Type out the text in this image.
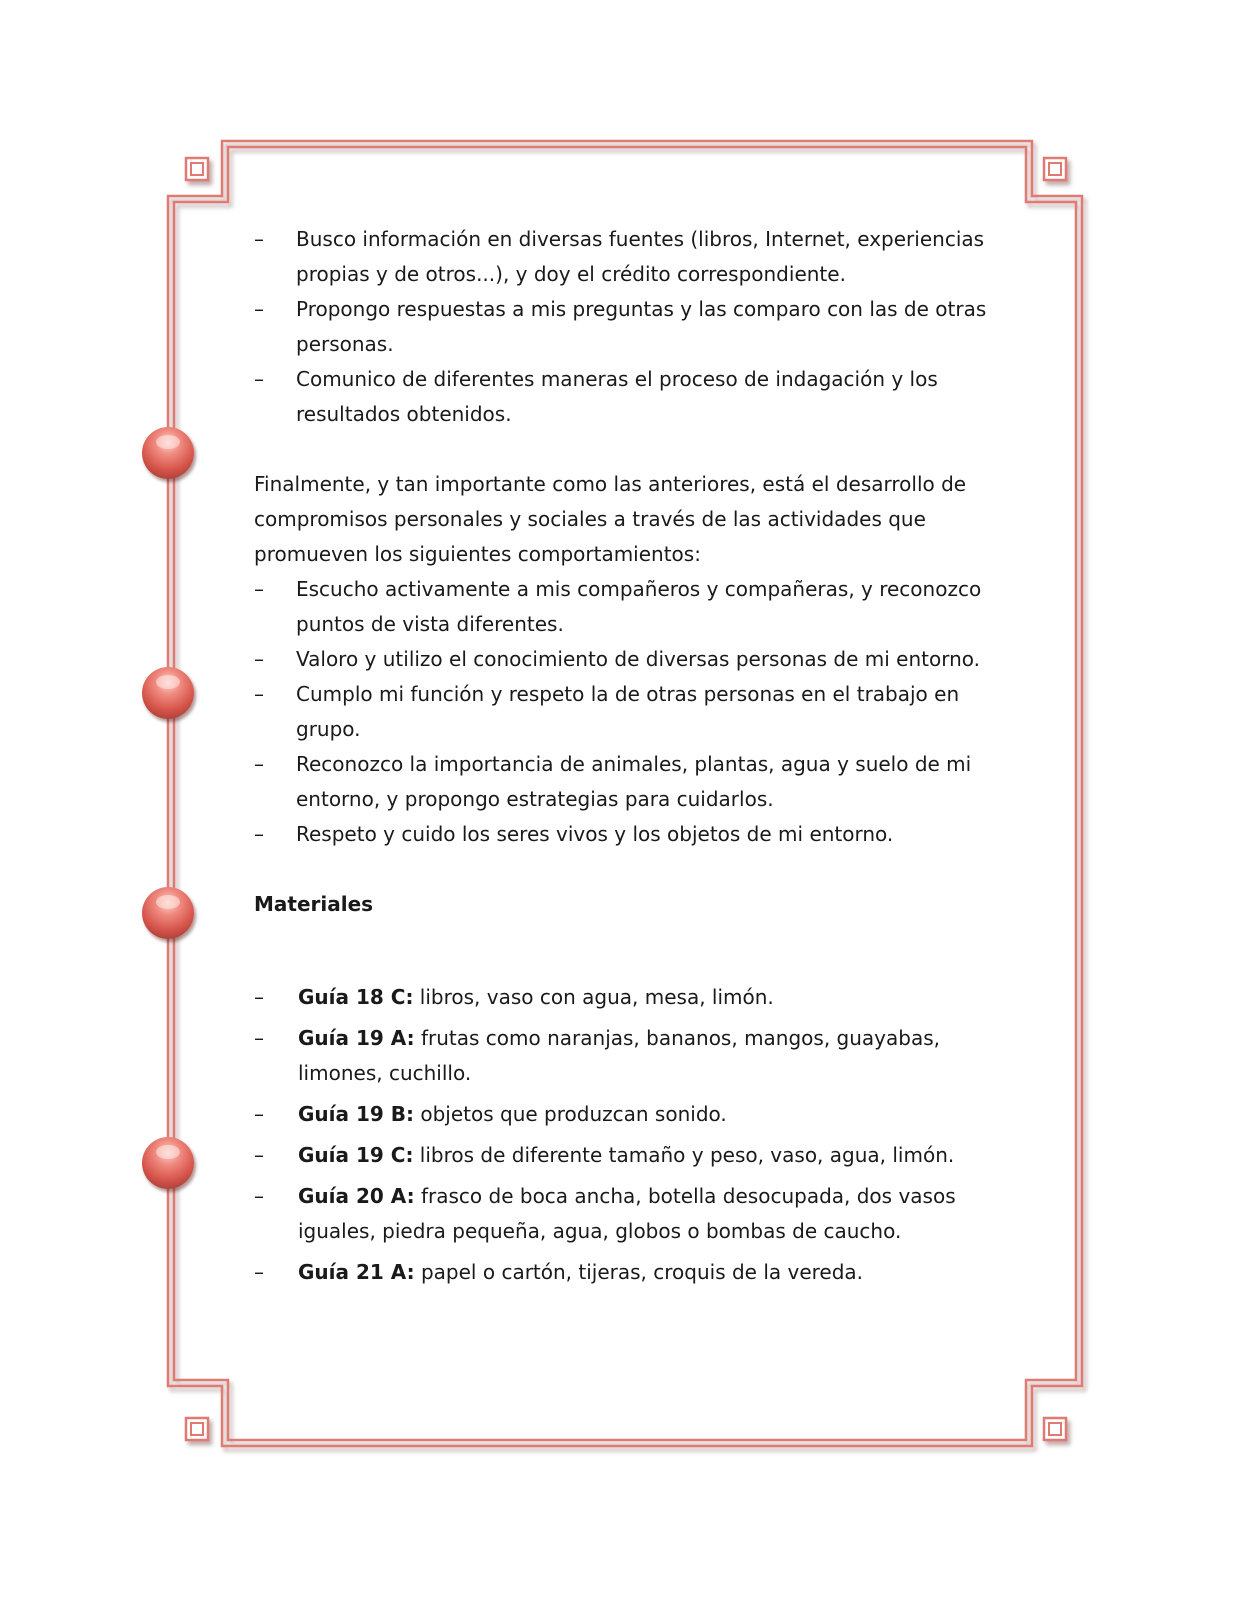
– Busco información en diversas fuentes (libros, Internet, experiencias propias y de otros...), y doy el crédito correspondiente.
– Propongo respuestas a mis preguntas y las comparo con las de otras personas.
– Comunico de diferentes maneras el proceso de indagación y los resultados obtenidos.
Finalmente, y tan importante como las anteriores, está el desarrollo de compromisos personales y sociales a través de las actividades que promueven los siguientes comportamientos:
– Escucho activamente a mis compañeros y compañeras, y reconozco puntos de vista diferentes.
– Valoro y utilizo el conocimiento de diversas personas de mi entorno.
– Cumplo mi función y respeto la de otras personas en el trabajo en grupo.
– Reconozco la importancia de animales, plantas, agua y suelo de mi entorno, y propongo estrategias para cuidarlos.
– Respeto y cuido los seres vivos y los objetos de mi entorno.
Materiales
– Guía 18 C: libros, vaso con agua, mesa, limón.
– Guía 19 A: frutas como naranjas, bananos, mangos, guayabas, limones, cuchillo.
– Guía 19 B: objetos que produzcan sonido.
– Guía 19 C: libros de diferente tamaño y peso, vaso, agua, limón.
– Guía 20 A: frasco de boca ancha, botella desocupada, dos vasos iguales, piedra pequeña, agua, globos o bombas de caucho.
– Guía 21 A: papel o cartón, tijeras, croquis de la vereda.
